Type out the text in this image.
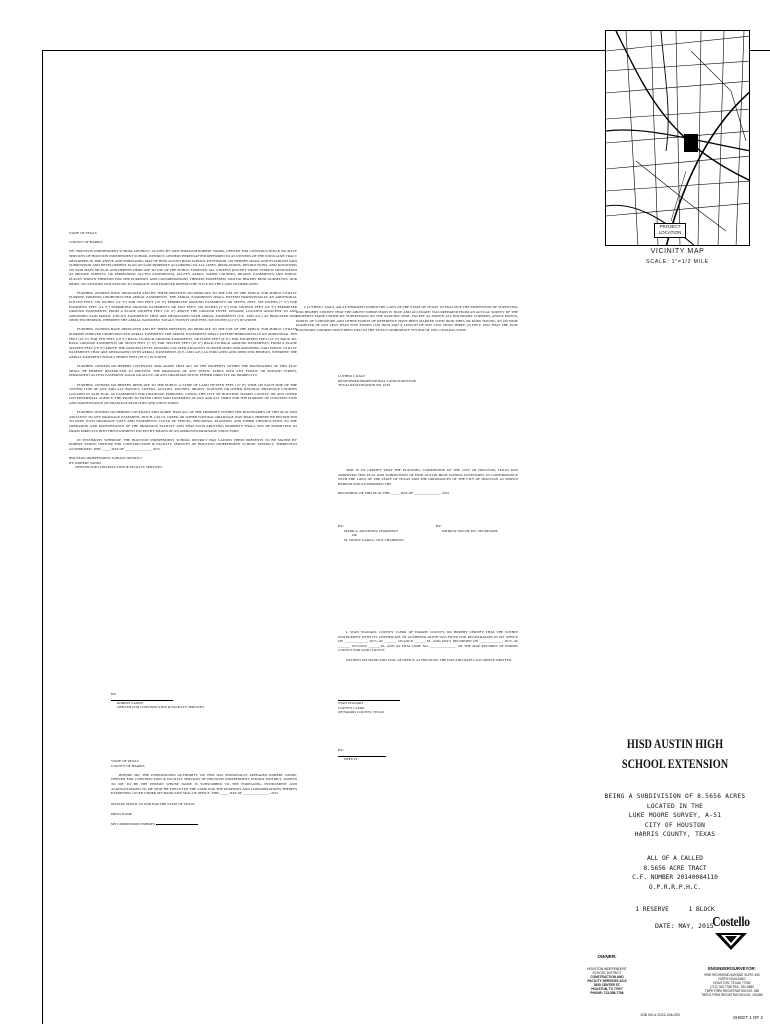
PROJECT LOCATION
VICINITY MAP
SCALE: 1"=1/2 MILE

STATE OF TEXAS

COUNTY OF HARRIS

WE, HOUSTON INDEPENDENT SCHOOL DISTRICT, ACTING BY AND THROUGH ROBERT SANDS, OFFICER FOR CONSTRUCTION & FACILITY SERVICES OF HOUSTON INDEPENDENT SCHOOL DISTRICT, OWNERS HEREINAFTER REFERRED TO AS OWNERS OF THE 8.5656 ACRE TRACT DESCRIBED IN THE ABOVE AND FOREGOING MAP OF HISD AUSTIN HIGH SCHOOL EXTENSION, DO HEREBY MAKE AND ESTABLISH SAID SUBDIVISION AND DEVELOPMENT PLAN OF SAID PROPERTY ACCORDING TO ALL LINES, DEDICATIONS, RESTRICTIONS, AND NOTATIONS ON SAID MAPS OR PLAT AND HEREBY DEDICATE TO USE OF THE PUBLIC FOREVER, ALL STREETS (EXCEPT THOSE STREETS DESIGNATED AS PRIVATE STREETS, OR PERMANENT ACCESS EASEMENTS), ALLEYS, PARKS, WATER COURSES, DRAINS, EASEMENTS AND PUBLIC PLACES SHOWN THEREON FOR THE PURPOSES AND CONSIDERATIONS THEREIN EXPRESSED; AND DO HEREBY BIND OURSELVES, OUR HEIRS, SUCCESSORS AND ASSIGNS TO WARRANT AND FOREVER DEFEND THE TITLE ON THE LAND SO DEDICATED.

FURTHER, OWNERS HAVE DEDICATED AND BY THESE PRESENTS DO DEDICATE TO THE USE OF THE PUBLIC FOR PUBLIC UTILITY PURPOSE FOREVER UNOBSTRUCTED AERIAL EASEMENTS. THE AERIAL EASEMENTS SHALL EXTEND HORIZONTALLY AN ADDITIONAL ELEVEN FEET, SIX INCHES (11' 6") FOR TEN FEET (10' 0") PERIMETER GROUND EASEMENTS OR SEVEN, FEET, SIX INCHES (7' 6") FOR FOURTEEN FEET (14' 0") PERIMETER GROUND EASEMENTS OR FIVE FEET, SIX INCHES (5' 6") FOR SIXTEEN FEET (16' 0") PERIMETER GROUND EASEMENTS, FROM A PLANE SIXTEEN FEET (16' 0") ABOVE THE GROUND LEVEL UPWARD, LOCATED ADJACENT TO AND ADJOINING SAID PUBLIC UTILITY EASEMENTS THAT ARE DESIGNATED WITH AERIAL EASEMENTS (U.E. AND A.E.) AS INDICATED AND DEPICTED HEREON, WHEREBY THE AERIAL EASEMENT TOTALS TWENTY ONE FEET, SIX INCHES (21' 6") IN WIDTH.

FURTHER, OWNERS HAVE DEDICATED AND BY THESE PRESENTS DO DEDICATE TO THE USE OF THE PUBLIC FOR PUBLIC UTILITY PURPOSE FOREVER UNOBSTRUCTED AERIAL EASEMENT. THE AERIAL EASEMENTS SHALL EXTEND HORIZONTALLY AN ADDITIONAL TEN FEET (10' 0") FOR TEN FEET (10' 0") BACK-TO-BACK GROUND EASEMENTS, OR EIGHT FEET (8' 0") FOR FOURTEEN FEET (14' 0") BACK-TO-BACK GROUND EASEMENTS OR SEVEN FEET (7' 0") FOR SIXTEEN FEET (16' 0") BACK-TO-BACK GROUND EASEMENTS, FROM A PLANE SIXTEEN FEET (16' 0") ABOVE THE GROUND LEVEL UPWARD, LOCATED ADJACENT TO BOTH SIDES AND ADJOINING SAID PUBLIC UTILITY EASEMENTS THAT ARE DESIGNATED WITH AERIAL EASEMENTS (U.E. AND A.E.) AS INDICATED AND DEPICTED HEREON, WHEREBY THE AERIAL EASEMENT TOTALS THIRTY FEET (30' 0") IN WIDTH.

FURTHER, OWNERS DO HEREBY COVENANT AND AGREE THAT ALL OF THE PROPERTY WITHIN THE BOUNDARIES OF THIS PLAT SHALL BE HEREBY RESTRICTED TO PREVENT THE DRAINAGE OF ANY SEPTIC TANKS INTO ANY PUBLIC OR PRIVATE STREET, PERMANENT ACCESS EASEMENT, ROAD OR ALLEY, OR ANY DRAINAGE DITCH, EITHER DIRECTLY OR INDIRECTLY.

FURTHER, OWNERS DO HEREBY DEDICATE TO THE PUBLIC A STRIP OF LAND FIFTEEN FEET (15' 0") WIDE ON EACH SIDE OF THE CENTER LINE OF ANY AND ALL BAYOUS, CREEKS, GULLIES, RAVINES, DRAWS, SLOUGHS OR OTHER NATURAL DRAINAGE COURSES LOCATED IN SAID PLAT, AS EASEMENTS FOR DRAINAGE PURPOSES, GIVING THE CITY OF HOUSTON, HARRIS COUNTY, OR ANY OTHER GOVERNMENTAL AGENCY, THE RIGHT TO ENTER UPON SAID EASEMENT AT ANY AND ALL TIMES FOR THE PURPOSE OF CONSTRUCTION AND MAINTENANCE OF DRAINAGE FACILITIES AND STRUCTURES.

FURTHER, OWNERS DO HEREBY COVENANT AND AGREE THAT ALL OF THE PROPERTY WITHIN THE BOUNDARIES OF THIS PLAT AND ADJACENT TO ANY DRAINAGE EASEMENT, DITCH, GULLY, CREEK OR OTHER NATURAL DRAINAGE WAY SHALL HEREBY BE RESTRICTED TO KEEP SUCH DRAINAGE WAYS AND EASEMENTS CLEAR OF FENCES, BUILDINGS, PLANTING AND OTHER OBSTRUCTIONS TO THE OPERATION AND MAINTENANCE OF THE DRAINAGE FACILITY AND THAT SUCH ABUTTING PROPERTY SHALL NOT BE PERMITTED TO DRAIN DIRECTLY INTO THIS EASEMENT EXCEPT BY MEANS OF AN APPROVED DRAINAGE STRUCTURE.

IN TESTIMONY WHEREOF, THE HOUSTON INDEPENDENT SCHOOL DISTRICT HAS CAUSED THESE PRESENTS TO BE SIGNED BY ROBERT SANDS, OFFICER FOR CONSTRUCTION & FACILITY SERVICES OF HOUSTON INDEPENDENT SCHOOL DISTRICT, THEREUNTO AUTHORIZED, THIS _____ DAY OF _______________, 2015.

HOUSTON INDEPENDENT SCHOOL DISTRICT
BY: ROBERT SANDS
OFFICER FOR CONSTRUCTION & FACILITY SERVICES
BY:
ROBERT SANDS
OFFICER FOR CONSTRUCTION & FACILITY SERVICES

STATE OF TEXAS

COUNTY OF HARRIS

BEFORE ME, THE UNDERSIGNED AUTHORITY, ON THIS DAY PERSONALLY APPEARED ROBERT SANDS, OFFICER FOR CONSTRUCTION & FACILITY SERVICES OF HOUSTON INDEPENDENT SCHOOL DISTRICT, KNOWN TO ME TO BE THE PERSON WHOSE NAME IS SUBSCRIBED TO THE FOREGOING INSTRUMENT AND ACKNOWLEDGED TO ME THAT HE EXECUTED THE SAME FOR THE PURPOSES AND CONSIDERATIONS THEREIN EXPRESSED. GIVEN UNDER MY HAND AND SEAL OF OFFICE, THIS _____ DAY OF _______________, 2015

NOTARY PUBLIC IN AND FOR THE STATE OF TEXAS

PRINT NAME

MY COMMISSION EXPIRES

I, LUTHER J. DALY, AM AUTHORIZED UNDER THE LAWS OF THE STATE OF TEXAS TO PRACTICE THE PROFESSION OF SURVEYING AND HEREBY CERTIFY THAT THE ABOVE SUBDIVISION IS TRUE AND ACCURATE; WAS PREPARED FROM AN ACTUAL SURVEY OF THE PROPERTY MADE UNDER MY SUPERVISION ON THE GROUND; THAT, EXCEPT AS SHOWN ALL BOUNDARY CORNERS, ANGLE POINTS, POINTS OF CURVATURE AND OTHER POINTS OF REFERENCE HAVE BEEN MARKED WITH IRON PIPES OR RODS HAVING AN OUTSIDE DIAMETER OF NOT LESS THAN FIVE EIGHTS (5/8) INCH AND A LENGTH OF NOT LESS THAN THREE (3) FEET; AND THAT THE PLAT BOUNDARY CORNERS HAVE BEEN TIED TO THE TEXAS COORDINATE SYSTEM OF 1983, CENTRAL ZONE.

LUTHER J. DALY
REGISTERED PROFESSIONAL LAND SURVEYOR
TEXAS REGISTRATION NO. 6138

THIS IS TO CERTIFY THAT THE PLANNING COMMISSION OF THE CITY OF HOUSTON, TEXAS HAS APPROVED THIS PLAT AND SUBDIVISION OF HISD AUSTIN HIGH SCHOOL EXTENSION, IN CONFORMANCE WITH THE LAWS OF THE STATE OF TEXAS AND THE ORDINANCES OF THE CITY OF HOUSTON AS SHOWN HEREON AND AUTHORIZED THE

RECORDING OF THIS PLAT THIS _____ DAY OF _______________, 2015.

BY:
MARK A. KILKENNY, CHAIRMAN
OR
M. SONNY GARZA, VICE CHAIRMAN
BY:
PATRICK WALSH, P.E., SECRETARY

I, STAN STANART, COUNTY CLERK OF HARRIS COUNTY, DO HEREBY CERTIFY THAT THE WITHIN INSTRUMENT WITH ITS CERTIFICATE OF AUTHENTICATION WAS FILED FOR REGISTRATION IN MY OFFICE ON _____________, 2015, AT _______ O'CLOCK _______M., AND DULY RECORDED ON _____________, 2015, AT _______ O'CLOCK _______M., AND AT FILM CODE NO. _______________ OF THE MAP RECORDS OF HARRIS COUNTY FOR SAID COUNTY.

WITNESS MY HAND AND SEAL OF OFFICE, AT HOUSTON, THE DAY AND DATE LAST ABOVE WRITTEN.

STAN STANART
COUNTY CLERK
OF HARRIS COUNTY, TEXAS
BY:
DEPUTY
HISD AUSTIN HIGH
SCHOOL EXTENSION
BEING A SUBDIVISION OF 8.5656 ACRES
LOCATED IN THE
LUKE MOORE SURVEY, A-51
CITY OF HOUSTON
HARRIS COUNTY, TEXAS
ALL OF A CALLED
8.5656 ACRE TRACT
C.F. NUMBER 20140084110
O.P.R.R.P.H.C.
1 RESERVE	1 BLOCK
DATE: MAY, 2015
Costello
OWNER:
HOUSTON INDEPENDENT
SCHOOL DISTRICT
CONSTRUCTION AND
FACILITY SERVICES 4210
3830 CENTER ST.
HOUSTON, TX 77007
PHONE: 713-556-7786
ENGINEER/SURVEYOR:
9990 RICHMOND AVENUE SUITE 450
NORTH BUILDING
HOUSTON, TEXAS 77042
(713) 783-7788 FAX: 783-3580
TBPE FIRM REGISTRATION NO. 280
TBPLS FIRM REGISTRATION NO. 100486
JOB NO.# 2013-246-003	SHEET 1 OF 2
